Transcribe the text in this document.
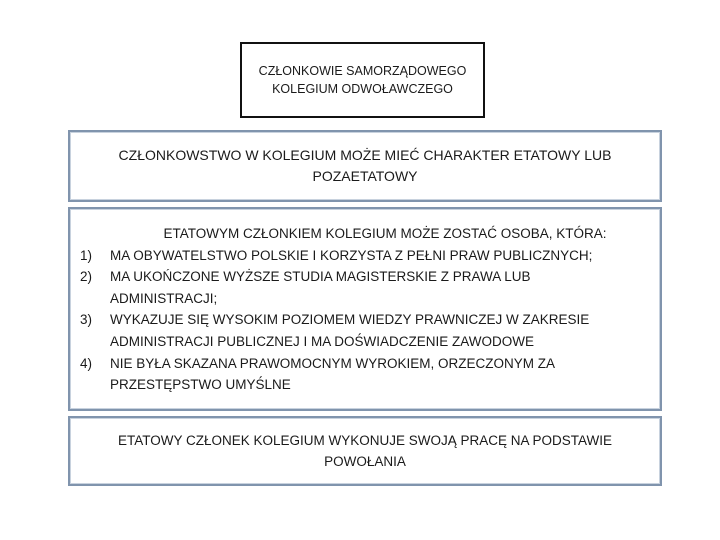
CZŁONKOWIE SAMORZĄDOWEGO
KOLEGIUM ODWOŁAWCZEGO
CZŁONKOWSTWO W KOLEGIUM MOŻE MIEĆ CHARAKTER ETATOWY LUB
POZAETATOWY
ETATOWYM CZŁONKIEM KOLEGIUM MOŻE ZOSTAĆ OSOBA, KTÓRA:
1)	MA OBYWATELSTWO POLSKIE I KORZYSTA Z PEŁNI PRAW PUBLICZNYCH;
2)	MA UKOŃCZONE WYŻSZE STUDIA MAGISTERSKIE Z PRAWA LUB
ADMINISTRACJI;
3)	WYKAZUJE SIĘ WYSOKIM POZIOMEM WIEDZY PRAWNICZEJ W ZAKRESIE
ADMINISTRACJI PUBLICZNEJ I MA DOŚWIADCZENIE ZAWODOWE
4)	NIE BYŁA SKAZANA PRAWOMOCNYM WYROKIEM, ORZECZONYM ZA
PRZESTĘPSTWO UMYŚLNE
ETATOWY CZŁONEK KOLEGIUM WYKONUJE SWOJĄ PRACĘ NA PODSTAWIE
POWOŁANIA
